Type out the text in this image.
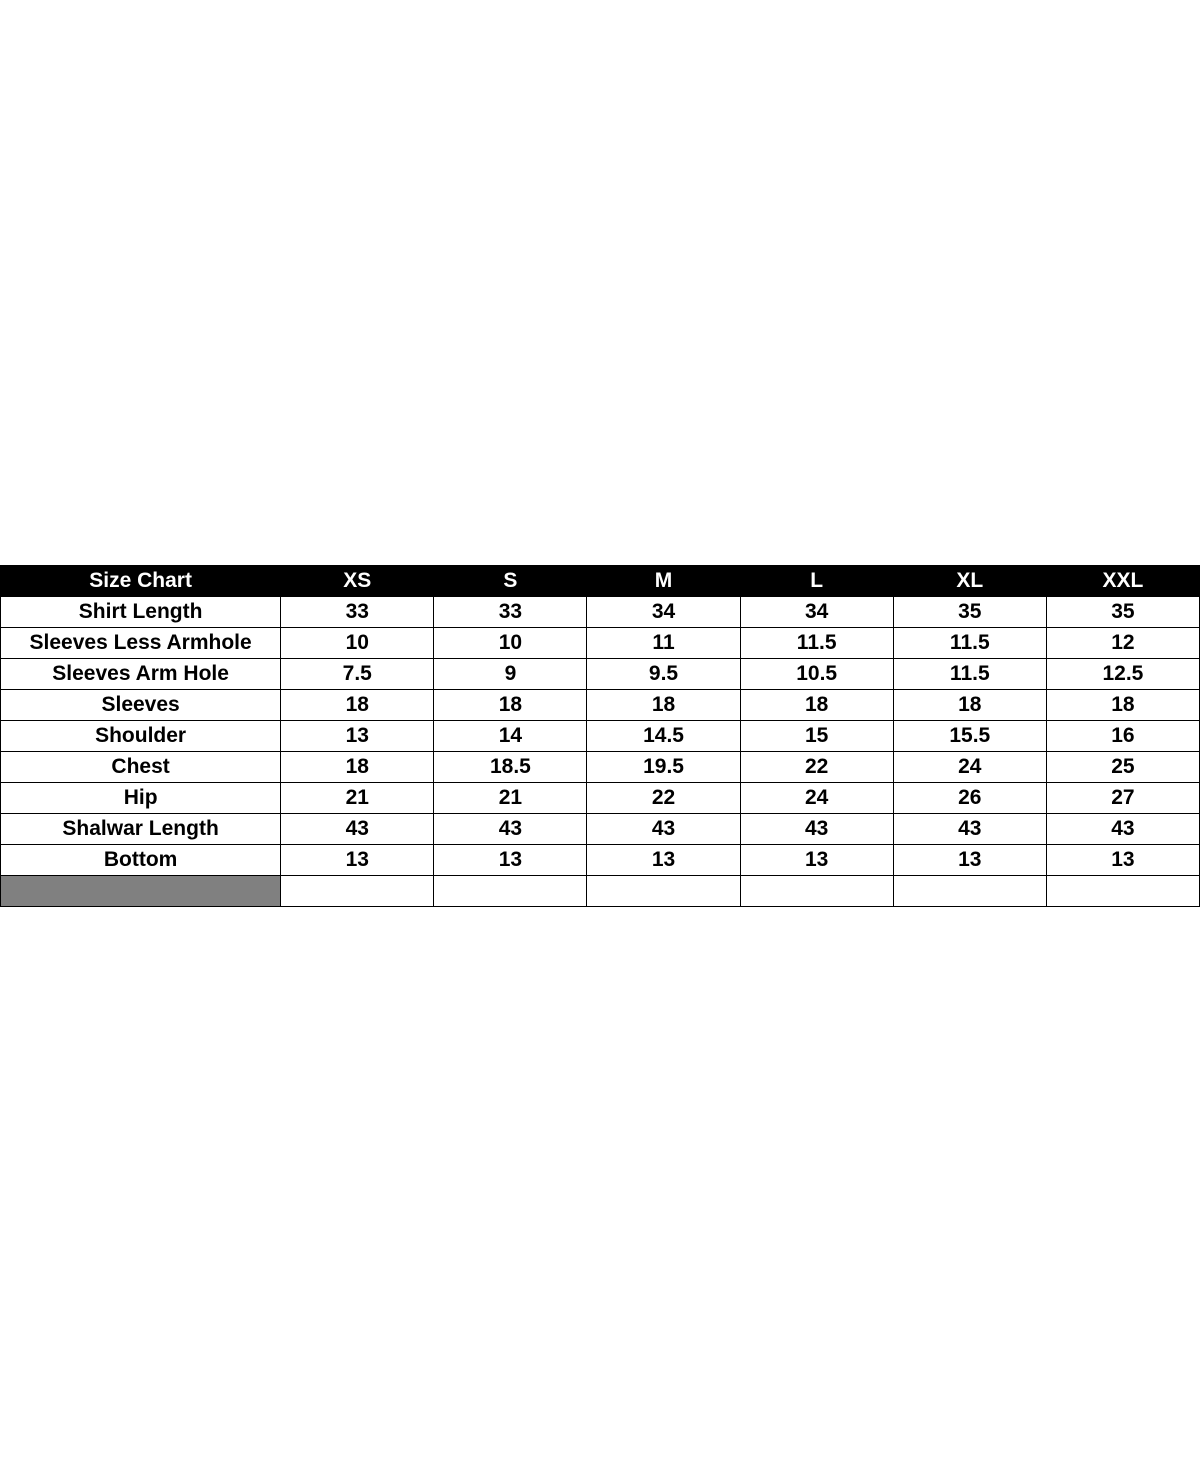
Size Chart	XS	S	M	L	XL	XXL
Shirt Length	33	33	34	34	35	35
Sleeves Less Armhole	10	10	11	11.5	11.5	12
Sleeves Arm Hole	7.5	9	9.5	10.5	11.5	12.5
Sleeves	18	18	18	18	18	18
Shoulder	13	14	14.5	15	15.5	16
Chest	18	18.5	19.5	22	24	25
Hip	21	21	22	24	26	27
Shalwar Length	43	43	43	43	43	43
Bottom	13	13	13	13	13	13
